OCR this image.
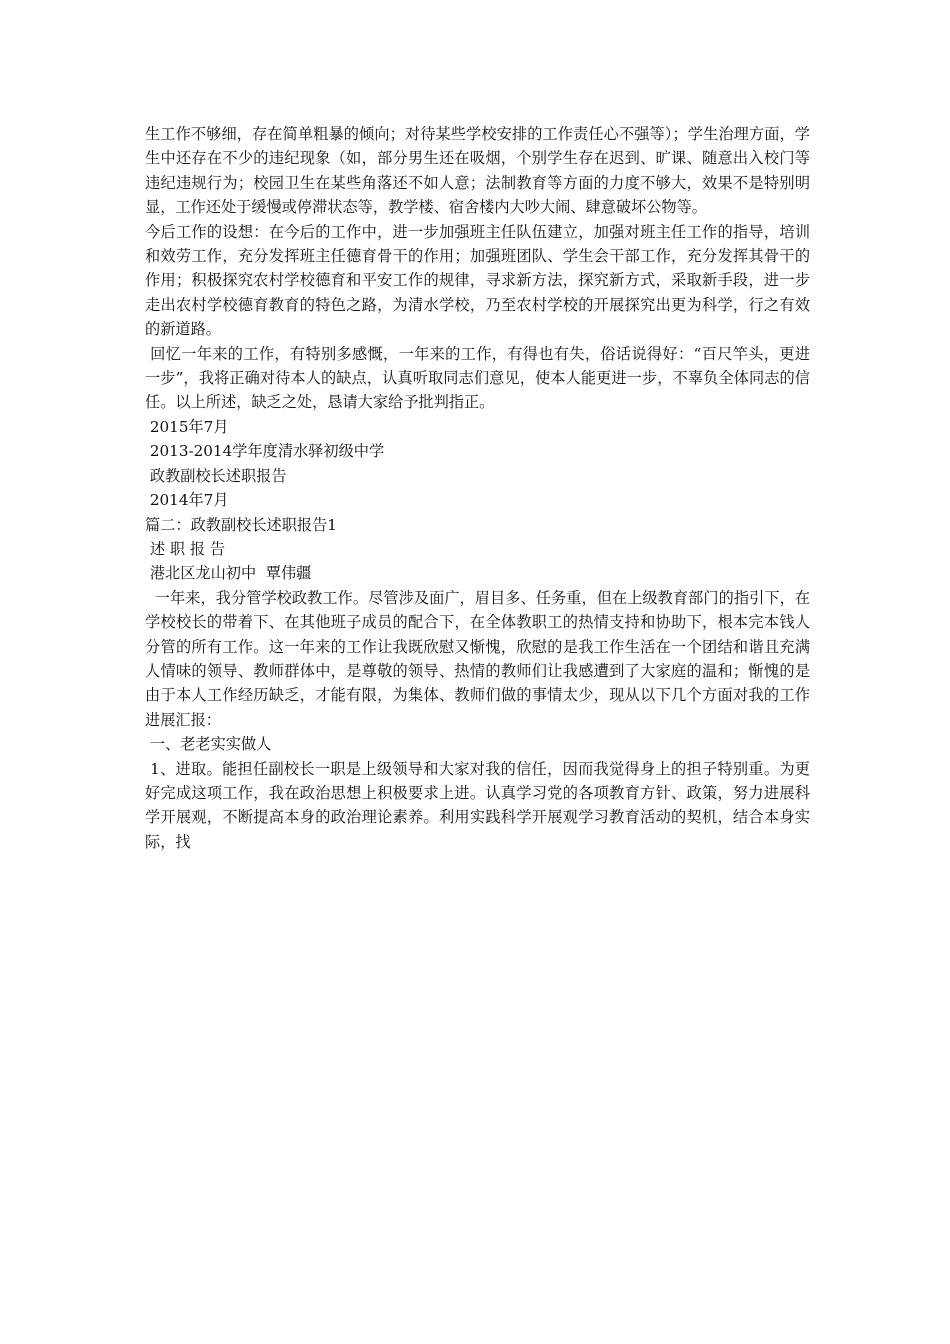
生工作不够细，存在简单粗暴的倾向；对待某些学校安排的工作责任心不强等）；学生治理方面，学生中还存在不少的违纪现象（如，部分男生还在吸烟，个别学生存在迟到、旷课、随意出入校门等违纪违规行为；校园卫生在某些角落还不如人意；法制教育等方面的力度不够大，效果不是特别明显，工作还处于缓慢或停滞状态等，教学楼、宿舍楼内大吵大闹、肆意破坏公物等。

今后工作的设想：在今后的工作中，进一步加强班主任队伍建立，加强对班主任工作的指导，培训和效劳工作，充分发挥班主任德育骨干的作用；加强班团队、学生会干部工作，充分发挥其骨干的作用；积极探究农村学校德育和平安工作的规律，寻求新方法，探究新方式，采取新手段，进一步走出农村学校德育教育的特色之路，为清水学校，乃至农村学校的开展探究出更为科学，行之有效的新道路。

回忆一年来的工作，有特别多感慨，一年来的工作，有得也有失，俗话说得好：“百尺竿头，更进一步”，我将正确对待本人的缺点，认真听取同志们意见，使本人能更进一步，不辜负全体同志的信任。以上所述，缺乏之处，恳请大家给予批判指正。

2015年7月

2013-2014学年度清水驿初级中学

政教副校长述职报告

2014年7月

篇二：政教副校长述职报告1

述 职 报 告

港北区龙山初中  覃伟疆

一年来，我分管学校政教工作。尽管涉及面广，眉目多、任务重，但在上级教育部门的指引下，在学校校长的带着下、在其他班子成员的配合下，在全体教职工的热情支持和协助下，根本完本钱人分管的所有工作。这一年来的工作让我既欣慰又惭愧，欣慰的是我工作生活在一个团结和谐且充满人情味的领导、教师群体中，是尊敬的领导、热情的教师们让我感遭到了大家庭的温和；惭愧的是由于本人工作经历缺乏，才能有限，为集体、教师们做的事情太少，现从以下几个方面对我的工作进展汇报：

一、老老实实做人

1、进取。能担任副校长一职是上级领导和大家对我的信任，因而我觉得身上的担子特别重。为更好完成这项工作，我在政治思想上积极要求上进。认真学习党的各项教育方针、政策，努力进展科学开展观，不断提高本身的政治理论素养。利用实践科学开展观学习教育活动的契机，结合本身实际，找
